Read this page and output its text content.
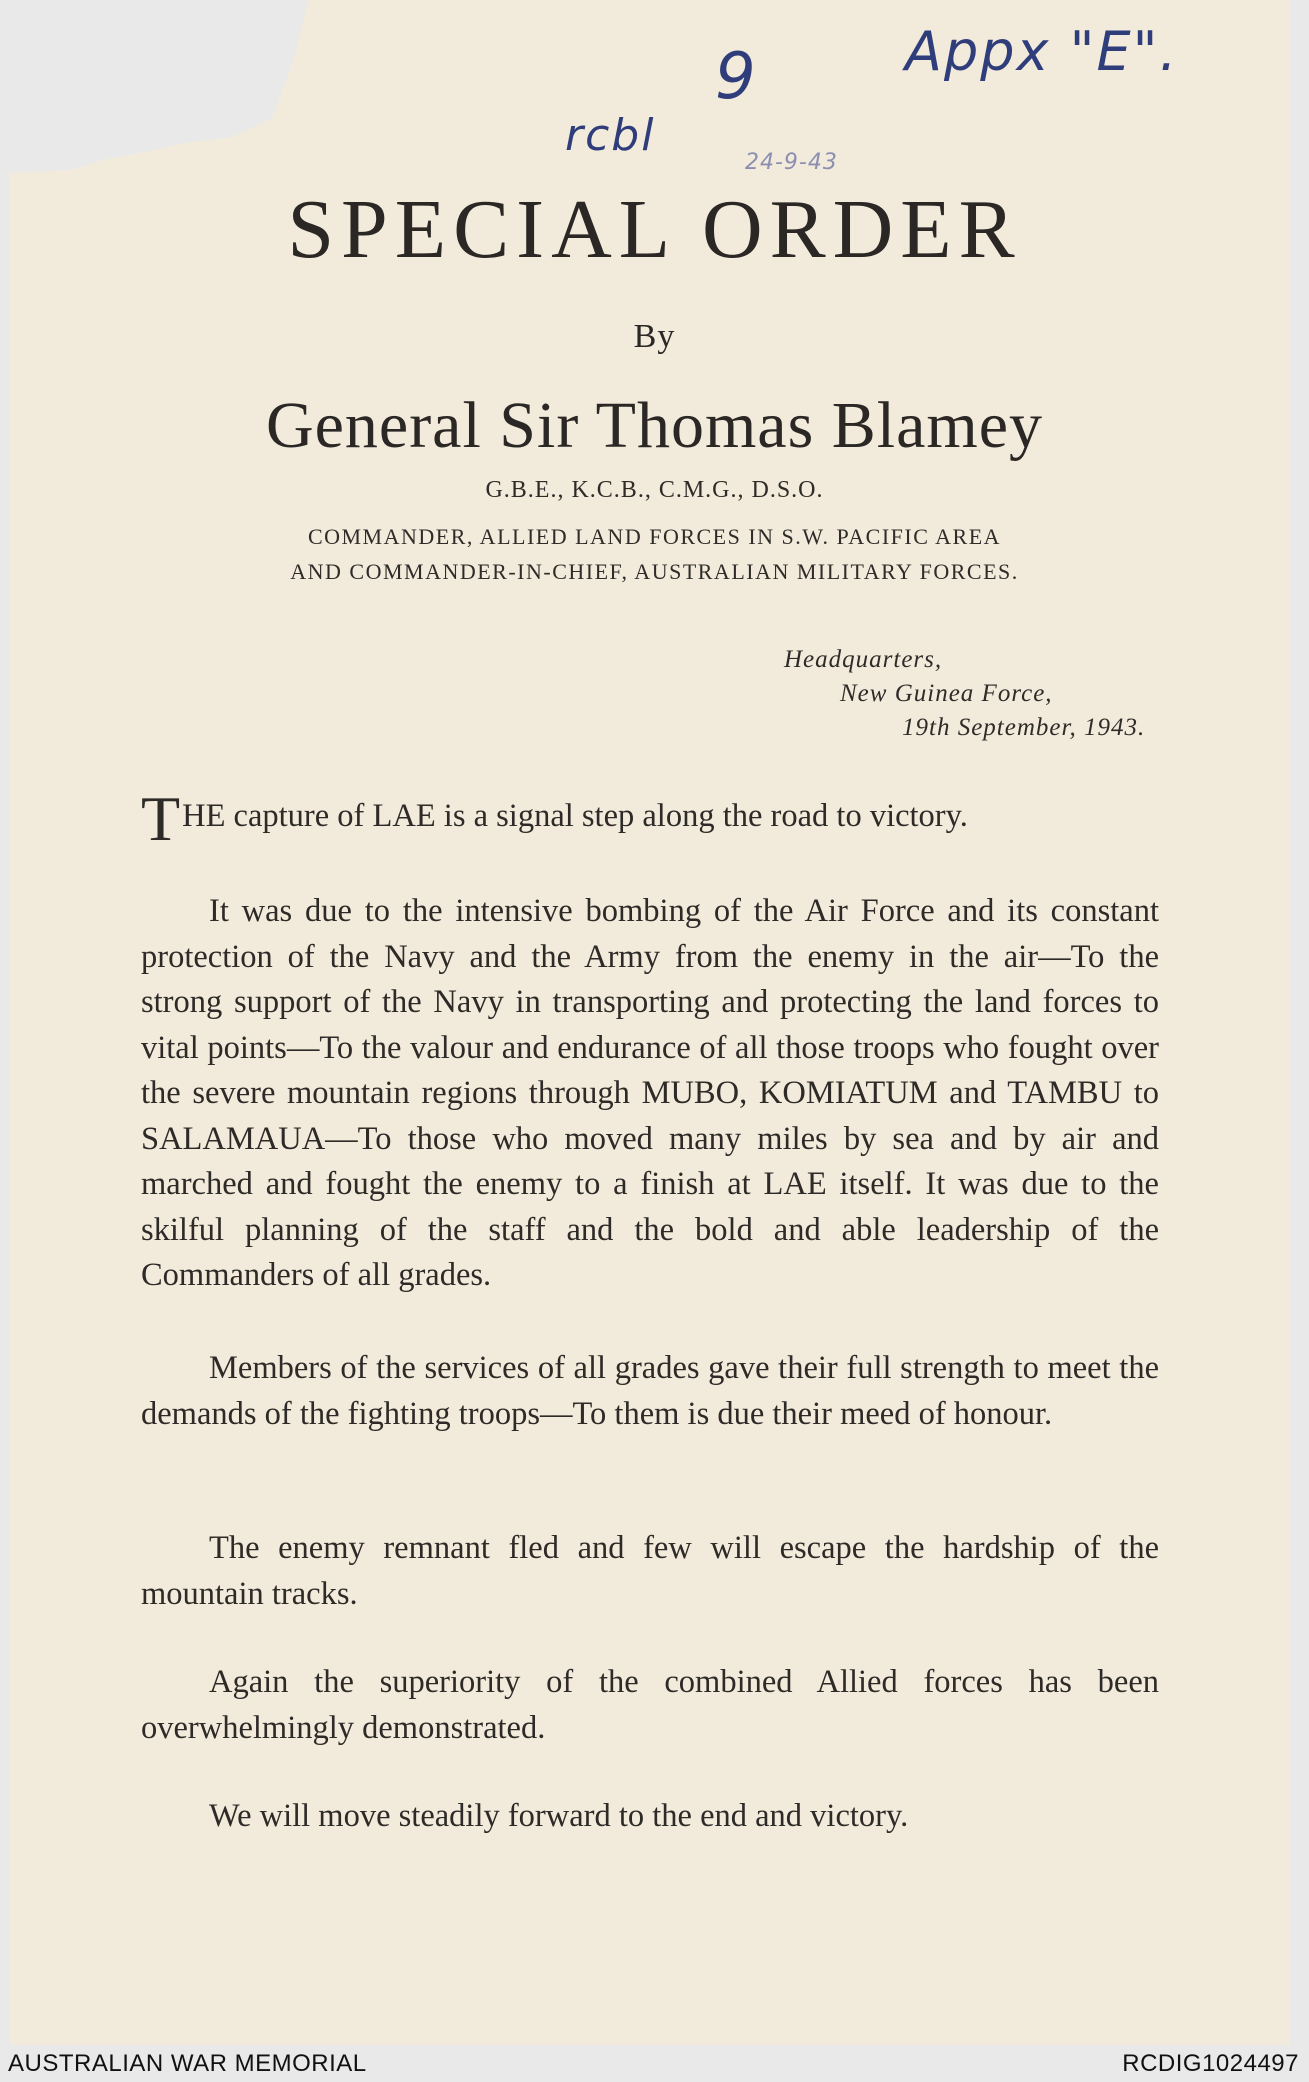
9	Appx "E".
rcbl
24-9-43
SPECIAL ORDER
By
General Sir Thomas Blamey
G.B.E., K.C.B., C.M.G., D.S.O.
COMMANDER, ALLIED LAND FORCES IN S.W. PACIFIC AREA
AND COMMANDER-IN-CHIEF, AUSTRALIAN MILITARY FORCES.
Headquarters,
New Guinea Force,
19th September, 1943.
THE capture of LAE is a signal step along the road to victory.
It was due to the intensive bombing of the Air Force and its constant protection of the Navy and the Army from the enemy in the air—To the strong support of the Navy in transporting and protecting the land forces to vital points—To the valour and endurance of all those troops who fought over the severe mountain regions through MUBO, KOMIATUM and TAMBU to SALAMAUA—To those who moved many miles by sea and by air and marched and fought the enemy to a finish at LAE itself. It was due to the skilful planning of the staff and the bold and able leadership of the Commanders of all grades.
Members of the services of all grades gave their full strength to meet the demands of the fighting troops—To them is due their meed of honour.
The enemy remnant fled and few will escape the hardship of the mountain tracks.
Again the superiority of the combined Allied forces has been overwhelmingly demonstrated.
We will move steadily forward to the end and victory.
AUSTRALIAN WAR MEMORIAL	RCDIG1024497
